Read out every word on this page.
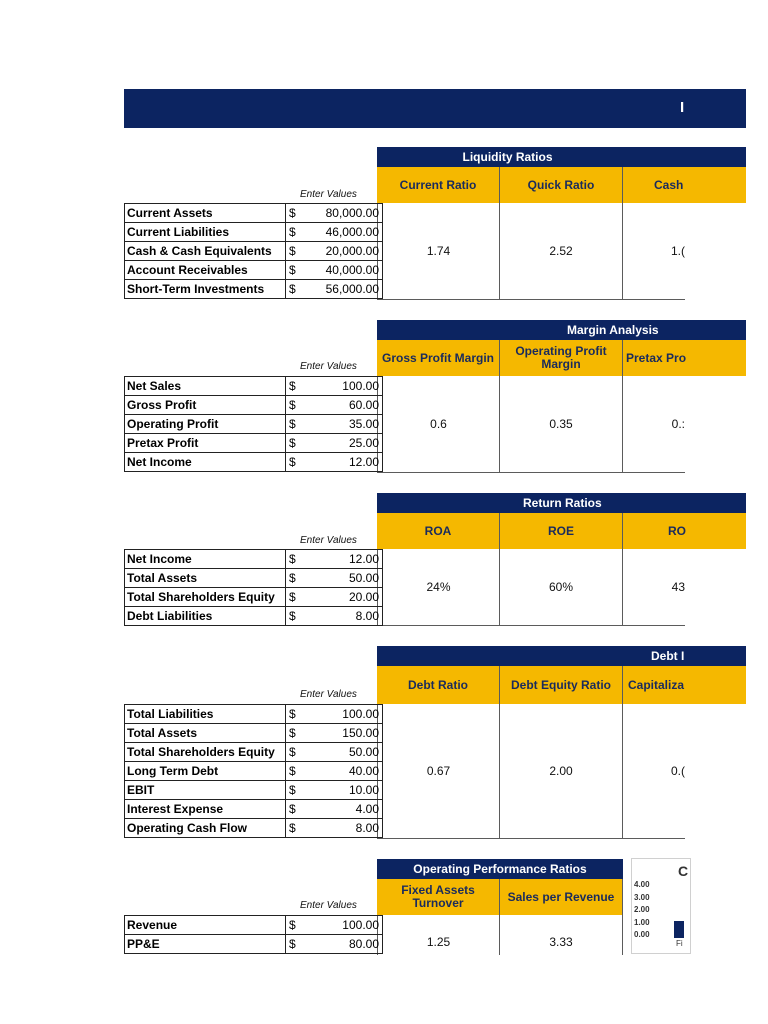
I
Liquidity Ratios
Current Ratio	Quick Ratio	Cash
Enter Values
1.74	2.52	1.(
Current Assets	$	80,000.00
Current Liabilities	$	46,000.00
Cash & Cash Equivalents	$	20,000.00
Account Receivables	$	40,000.00
Short-Term Investments	$	56,000.00
Margin Analysis
Gross Profit Margin	Operating Profit Margin	Pretax Pro
Enter Values
0.6	0.35	0.:
Net Sales	$	100.00
Gross Profit	$	60.00
Operating Profit	$	35.00
Pretax Profit	$	25.00
Net Income	$	12.00
Return Ratios
ROA	ROE	RO
Enter Values
24%	60%	43
Net Income	$	12.00
Total Assets	$	50.00
Total Shareholders Equity	$	20.00
Debt Liabilities	$	8.00
Debt I
Debt Ratio	Debt Equity Ratio	Capitaliza
Enter Values
0.67	2.00	0.(
Total Liabilities	$	100.00
Total Assets	$	150.00
Total Shareholders Equity	$	50.00
Long Term Debt	$	40.00
EBIT	$	10.00
Interest Expense	$	4.00
Operating Cash Flow	$	8.00
Operating Performance Ratios
Fixed Assets Turnover	Sales per Revenue
Enter Values
1.25	3.33
Revenue	$	100.00
PP&E	$	80.00
C
4.00
3.00
2.00
1.00
0.00
Fi
